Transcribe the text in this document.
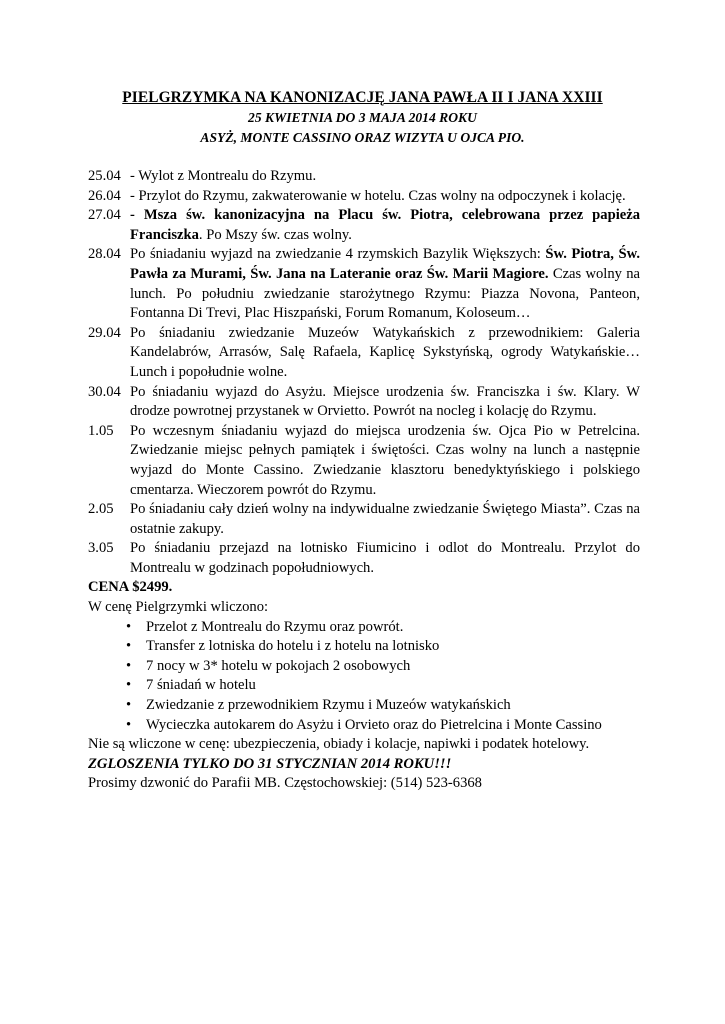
PIELGRZYMKA NA KANONIZACJĘ JANA PAWŁA II I JANA XXIII
25 KWIETNIA DO 3 MAJA 2014 ROKU
ASYŻ, MONTE CASSINO ORAZ WIZYTA U OJCA PIO.
25.04 - Wylot z Montrealu do Rzymu.
26.04 - Przylot do Rzymu, zakwaterowanie w hotelu. Czas wolny na odpoczynek i kolację.
27.04 - Msza św. kanonizacyjna na Placu św. Piotra, celebrowana przez papieża Franciszka. Po Mszy św. czas wolny.
28.04 Po śniadaniu wyjazd na zwiedzanie 4 rzymskich Bazylik Większych: Św. Piotra, Św. Pawła za Murami, Św. Jana na Lateranie oraz Św. Marii Magiore. Czas wolny na lunch. Po południu zwiedzanie starożytnego Rzymu: Piazza Novona, Panteon, Fontanna Di Trevi, Plac Hiszpański, Forum Romanum, Koloseum…
29.04 Po śniadaniu zwiedzanie Muzeów Watykańskich z przewodnikiem: Galeria Kandelabrów, Arrasów, Salę Rafaela, Kaplicę Sykstyńską, ogrody Watykańskie… Lunch i popołudnie wolne.
30.04 Po śniadaniu wyjazd do Asyżu. Miejsce urodzenia św. Franciszka i św. Klary. W drodze powrotnej przystanek w Orvietto. Powrót na nocleg i kolację do Rzymu.
1.05	Po wczesnym śniadaniu wyjazd do miejsca urodzenia św. Ojca Pio w Petrelcina. Zwiedzanie miejsc pełnych pamiątek i świętości. Czas wolny na lunch a następnie wyjazd do Monte Cassino. Zwiedzanie klasztoru benedyktyńskiego i polskiego cmentarza. Wieczorem powrót do Rzymu.
2.05	Po śniadaniu cały dzień wolny na indywidualne zwiedzanie Świętego Miasta”. Czas na ostatnie zakupy.
3.05	Po śniadaniu przejazd na lotnisko Fiumicino i odlot do Montrealu. Przylot do Montrealu w godzinach popołudniowych.
CENA $2499.
W cenę Pielgrzymki wliczono:
• Przelot z Montrealu do Rzymu oraz powrót.
• Transfer z lotniska do hotelu i z hotelu na lotnisko
• 7 nocy w 3* hotelu w pokojach 2 osobowych
• 7 śniadań w hotelu
• Zwiedzanie z przewodnikiem Rzymu i Muzeów watykańskich
• Wycieczka autokarem do Asyżu i Orvieto oraz do Pietrelcina i Monte Cassino
Nie są wliczone w cenę: ubezpieczenia, obiady i kolacje, napiwki i podatek hotelowy.
ZGLOSZENIA TYLKO DO 31 STYCZNIAN 2014 ROKU!!!
Prosimy dzwonić do Parafii MB. Częstochowskiej: (514) 523-6368
